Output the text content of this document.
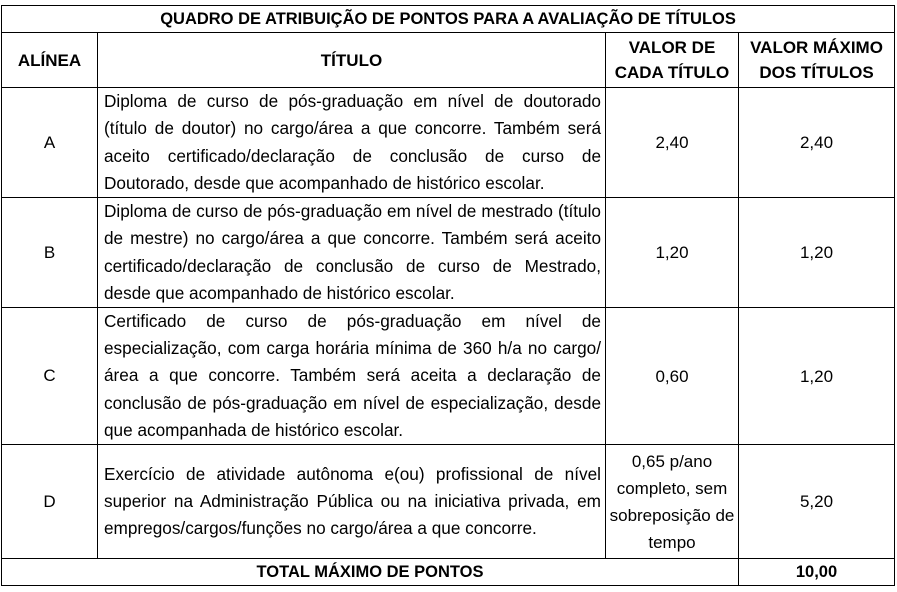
QUADRO DE ATRIBUIÇÃO DE PONTOS PARA A AVALIAÇÃO DE TÍTULOS			
ALÍNEA	TÍTULO	VALOR DE CADA TÍTULO	VALOR MÁXIMO DOS TÍTULOS
A	Diploma de curso de pós-graduação em nível de doutorado (título de doutor) no cargo/área a que concorre. Também será aceito certificado/declaração de conclusão de curso de Doutorado, desde que acompanhado de histórico escolar.	2,40	2,40
B	Diploma de curso de pós-graduação em nível de mestrado (título de mestre) no cargo/área a que concorre. Também será aceito certificado/declaração de conclusão de curso de Mestrado, desde que acompanhado de histórico escolar.	1,20	1,20
C	Certificado de curso de pós-graduação em nível de especialização, com carga horária mínima de 360 h/a no cargo/área a que concorre. Também será aceita a declaração de conclusão de pós-graduação em nível de especialização, desde que acompanhada de histórico escolar.	0,60	1,20
D	Exercício de atividade autônoma e(ou) profissional de nível superior na Administração Pública ou na iniciativa privada, em empregos/cargos/funções no cargo/área a que concorre.	0,65 p/ano completo, sem sobreposição de tempo	5,20
TOTAL MÁXIMO DE PONTOS			10,00
